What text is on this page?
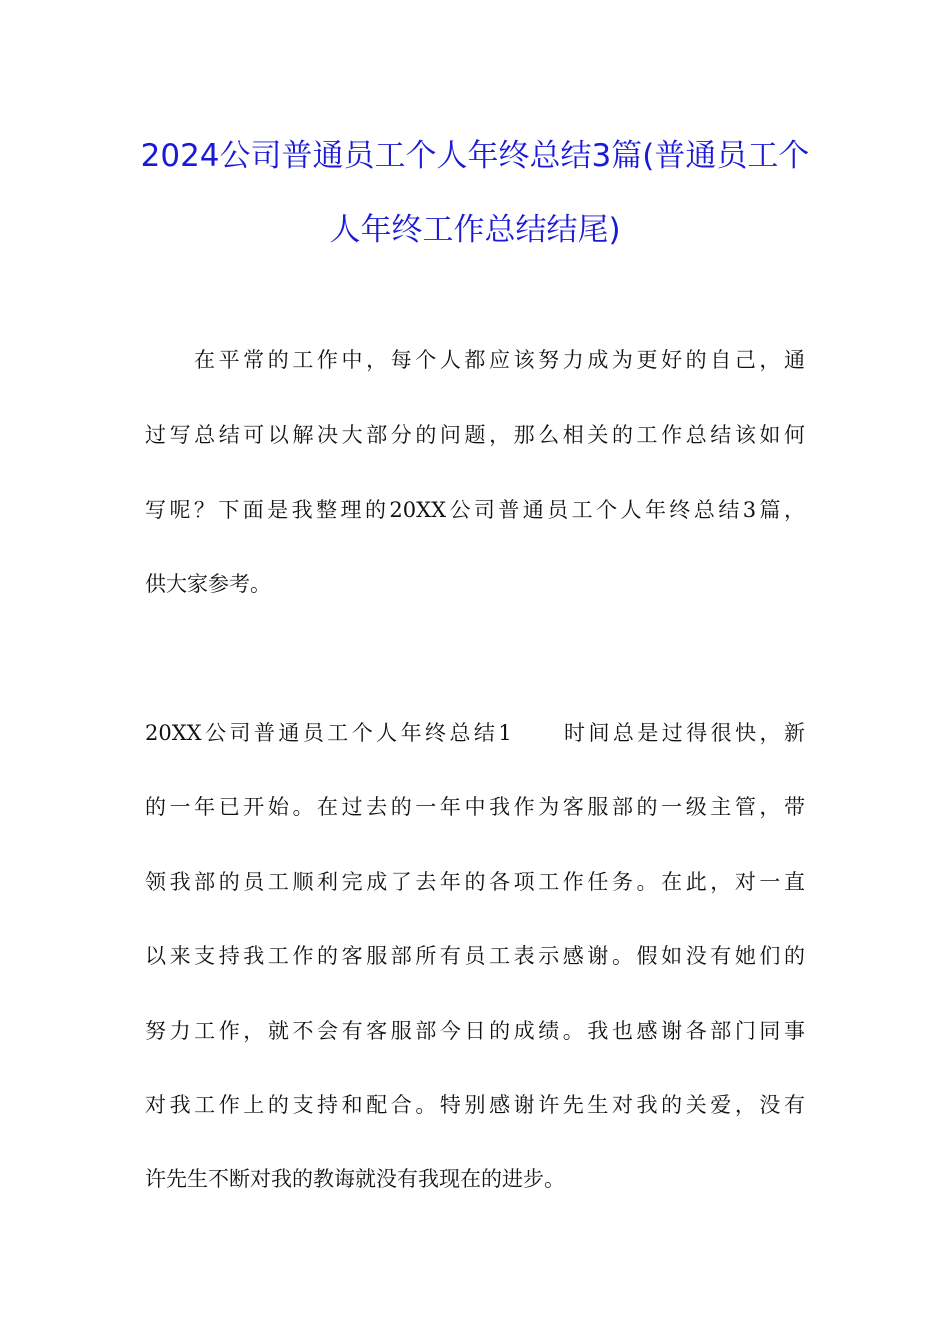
2024公司普通员工个人年终总结3篇(普通员工个人年终工作总结结尾)
在平常的工作中，每个人都应该努力成为更好的自己，通
过写总结可以解决大部分的问题，那么相关的工作总结该如何
写呢？下面是我整理的20XX公司普通员工个人年终总结3篇，
供大家参考。
20XX公司普通员工个人年终总结1　　时间总是过得很快，新
的一年已开始。在过去的一年中我作为客服部的一级主管，带
领我部的员工顺利完成了去年的各项工作任务。在此，对一直
以来支持我工作的客服部所有员工表示感谢。假如没有她们的
努力工作，就不会有客服部今日的成绩。我也感谢各部门同事
对我工作上的支持和配合。特别感谢许先生对我的关爱，没有
许先生不断对我的教诲就没有我现在的进步。
